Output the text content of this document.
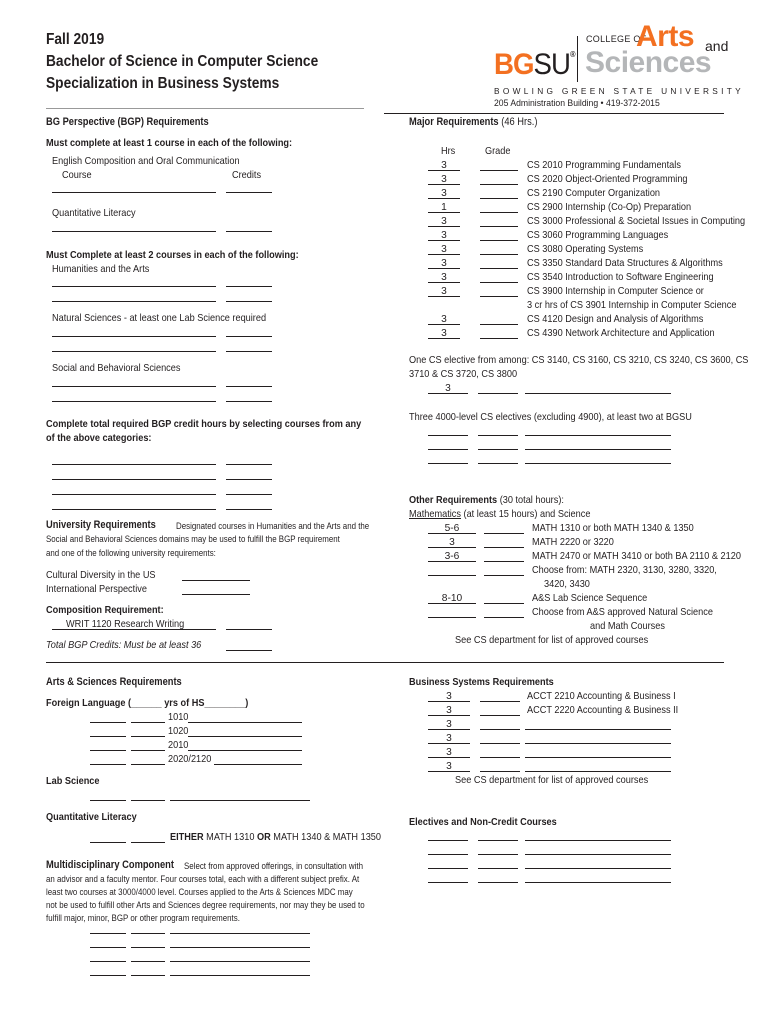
Fall 2019
Bachelor of Science in Computer Science
Specialization in Business Systems
BGSU®
COLLEGE OF
Arts and
Sciences
BOWLING GREEN STATE UNIVERSITY
205 Administration Building • 419-372-2015
BG Perspective (BGP) Requirements
Must complete at least 1 course in each of the following:
English Composition and Oral Communication
Course	Credits
Quantitative Literacy
Must Complete at least 2 courses in each of the following:
Humanities and the Arts
Natural Sciences - at least one Lab Science required
Social and Behavioral Sciences
Complete total required BGP credit hours by selecting courses from any
of the above categories:
University Requirements Designated courses in Humanities and the Arts and the
Social and Behavioral Sciences domains may be used to fulfill the BGP requirement
and one of the following university requirements:
Cultural Diversity in the US
International Perspective
Composition Requirement:
WRIT 1120 Research Writing
Total BGP Credits: Must be at least 36
Arts & Sciences Requirements
Foreign Language (______ yrs of HS________)
1010
1020
2010
2020/2120
Lab Science
Quantitative Literacy
EITHER MATH 1310 OR MATH 1340 & MATH 1350
Multidisciplinary Component Select from approved offerings, in consultation with
an advisor and a faculty mentor. Four courses total, each with a different subject prefix. At
least two courses at 3000/4000 level. Courses applied to the Arts & Sciences MDC may
not be used to fulfill other Arts and Sciences degree requirements, nor may they be used to
fulfill major, minor, BGP or other program requirements.
Major Requirements (46 Hrs.)
Hrs	Grade
3	CS 2010 Programming Fundamentals
3	CS 2020 Object-Oriented Programming
3	CS 2190 Computer Organization
1	CS 2900 Internship (Co-Op) Preparation
3	CS 3000 Professional & Societal Issues in Computing
3	CS 3060 Programming Languages
3	CS 3080 Operating Systems
3	CS 3350 Standard Data Structures & Algorithms
3	CS 3540 Introduction to Software Engineering
3	CS 3900 Internship in Computer Science or
3 cr hrs of CS 3901 Internship in Computer Science
3	CS 4120 Design and Analysis of Algorithms
3	CS 4390 Network Architecture and Application
One CS elective from among: CS 3140, CS 3160, CS 3210, CS 3240, CS 3600, CS
3710 & CS 3720, CS 3800
3
Three 4000-level CS electives (excluding 4900), at least two at BGSU
Other Requirements (30 total hours):
Mathematics (at least 15 hours) and Science
5-6	MATH 1310 or both MATH 1340 & 1350
3	MATH 2220 or 3220
3-6	MATH 2470 or MATH 3410 or both BA 2110 & 2120
Choose from: MATH 2320, 3130, 3280, 3320,
3420, 3430
8-10	A&S Lab Science Sequence
Choose from A&S approved Natural Science
and Math Courses
See CS department for list of approved courses
Business Systems Requirements
3	ACCT 2210 Accounting & Business I
3	ACCT 2220 Accounting & Business II
3
3
3
3
See CS department for list of approved courses
Electives and Non-Credit Courses
